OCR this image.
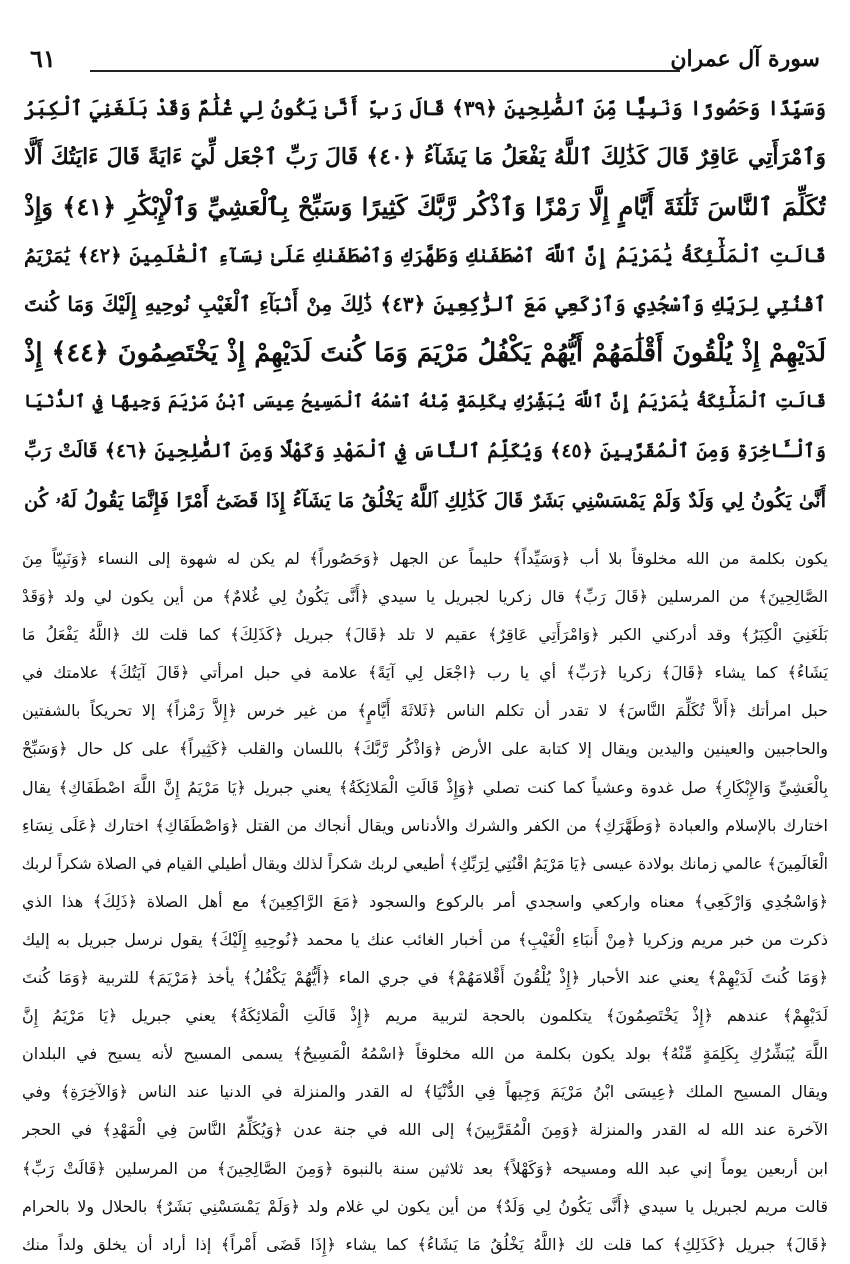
سورة آل عمران
٦١
وَسَيِّدًا وَحَصُورًا وَنَبِيًّا مِّنَ ٱلصَّٰلِحِينَ ﴿٣٩﴾ قَالَ رَبِّ أَنَّىٰ يَكُونُ لِي غُلَٰمٌ وَقَدْ بَلَغَنِيَ ٱلْكِبَرُ
وَٱمْرَأَتِي عَاقِرٌ قَالَ كَذَٰلِكَ ٱللَّهُ يَفْعَلُ مَا يَشَآءُ ﴿٤٠﴾ قَالَ رَبِّ ٱجْعَل لِّيٓ ءَايَةً قَالَ ءَايَتُكَ أَلَّا
تُكَلِّمَ ٱلنَّاسَ ثَلَٰثَةَ أَيَّامٍ إِلَّا رَمْزًا وَٱذْكُر رَّبَّكَ كَثِيرًا وَسَبِّحْ بِٱلْعَشِيِّ وَٱلْإِبْكَٰرِ ﴿٤١﴾ وَإِذْ
قَالَتِ ٱلْمَلَٰٓئِكَةُ يَٰمَرْيَمُ إِنَّ ٱللَّهَ ٱصْطَفَىٰكِ وَطَهَّرَكِ وَٱصْطَفَىٰكِ عَلَىٰ نِسَآءِ ٱلْعَٰلَمِينَ ﴿٤٢﴾ يَٰمَرْيَمُ
ٱقْنُتِي لِرَبِّكِ وَٱسْجُدِي وَٱرْكَعِي مَعَ ٱلرَّٰكِعِينَ ﴿٤٣﴾ ذَٰلِكَ مِنْ أَنۢبَآءِ ٱلْغَيْبِ نُوحِيهِ إِلَيْكَ وَمَا كُنتَ
لَدَيْهِمْ إِذْ يُلْقُونَ أَقْلَٰمَهُمْ أَيُّهُمْ يَكْفُلُ مَرْيَمَ وَمَا كُنتَ لَدَيْهِمْ إِذْ يَخْتَصِمُونَ ﴿٤٤﴾ إِذْ
قَالَتِ ٱلْمَلَٰٓئِكَةُ يَٰمَرْيَمُ إِنَّ ٱللَّهَ يُبَشِّرُكِ بِكَلِمَةٍ مِّنْهُ ٱسْمُهُ ٱلْمَسِيحُ عِيسَى ٱبْنُ مَرْيَمَ وَجِيهًا فِي ٱلدُّنْيَا
وَٱلْـَٔاخِرَةِ وَمِنَ ٱلْمُقَرَّبِينَ ﴿٤٥﴾ وَيُكَلِّمُ ٱلنَّاسَ فِي ٱلْمَهْدِ وَكَهْلًا وَمِنَ ٱلصَّٰلِحِينَ ﴿٤٦﴾ قَالَتْ رَبِّ
أَنَّىٰ يَكُونُ لِي وَلَدٌ وَلَمْ يَمْسَسْنِي بَشَرٌ قَالَ كَذَٰلِكِ ٱللَّهُ يَخْلُقُ مَا يَشَآءُ إِذَا قَضَىٰٓ أَمْرًا فَإِنَّمَا يَقُولُ لَهُۥ كُن
يكون بكلمة من الله مخلوقاً بلا أب ﴿وَسَيِّداً﴾ حليماً عن الجهل ﴿وَحَصُوراً﴾ لم يكن له شهوة إلى النساء ﴿وَنَبِيّاً مِنَ
الصَّالِحِينَ﴾ من المرسلين ﴿قَالَ رَبِّ﴾ قال زكريا لجبريل يا سيدي ﴿أَنَّى يَكُونُ لِي غُلامٌ﴾ من أين يكون لي ولد ﴿وَقَدْ
بَلَغَنِيَ الْكِبَرُ﴾ وقد أدركني الكبر ﴿وَامْرَأَتِي عَاقِرٌ﴾ عقيم لا تلد ﴿قَالَ﴾ جبريل ﴿كَذَلِكَ﴾ كما قلت لك ﴿اللَّهُ يَفْعَلُ مَا
يَشَاءُ﴾ كما يشاء ﴿قَالَ﴾ زكريا ﴿رَبِّ﴾ أي يا رب ﴿اجْعَل لِي آيَةً﴾ علامة في حبل امرأتي ﴿قَالَ آيَتُكَ﴾ علامتك في
حبل امرأتك ﴿أَلاَّ تُكَلِّمَ النَّاسَ﴾ لا تقدر أن تكلم الناس ﴿ثَلاثَةَ أَيَّامٍ﴾ من غير خرس ﴿إِلاَّ رَمْزاً﴾ إلا تحريكاً بالشفتين
والحاجبين والعينين واليدين ويقال إلا كتابة على الأرض ﴿وَاذْكُر رَّبَّكَ﴾ باللسان والقلب ﴿كَثِيراً﴾ على كل حال ﴿وَسَبِّحْ
بِالْعَشِيِّ وَالإِبْكَارِ﴾ صل غدوة وعشياً كما كنت تصلي ﴿وَإِذْ قَالَتِ الْمَلائِكَةُ﴾ يعني جبريل ﴿يَا مَرْيَمُ إِنَّ اللَّهَ اصْطَفَاكِ﴾ يقال
اختارك بالإسلام والعبادة ﴿وَطَهَّرَكِ﴾ من الكفر والشرك والأدناس ويقال أنجاك من القتل ﴿وَاصْطَفَاكِ﴾ اختارك ﴿عَلَى نِسَاءِ
الْعَالَمِينَ﴾ عالمي زمانك بولادة عيسى ﴿يَا مَرْيَمُ اقْنُتِي لِرَبِّكِ﴾ أطيعي لربك شكراً لذلك ويقال أطيلي القيام في الصلاة شكراً لربك
﴿وَاسْجُدِي وَارْكَعِي﴾ معناه واركعي واسجدي أمر بالركوع والسجود ﴿مَعَ الرَّاكِعِينَ﴾ مع أهل الصلاة ﴿ذَلِكَ﴾ هذا الذي
ذكرت من خبر مريم وزكريا ﴿مِنْ أَنبَاءِ الْغَيْبِ﴾ من أخبار الغائب عنك يا محمد ﴿نُوحِيهِ إِلَيْكَ﴾ يقول نرسل جبريل به إليك
﴿وَمَا كُنتَ لَدَيْهِمْ﴾ يعني عند الأحبار ﴿إِذْ يُلْقُونَ أَقْلامَهُمْ﴾ في جري الماء ﴿أَيُّهُمْ يَكْفُلُ﴾ يأخذ ﴿مَرْيَمَ﴾ للتربية ﴿وَمَا كُنتَ
لَدَيْهِمْ﴾ عندهم ﴿إِذْ يَخْتَصِمُونَ﴾ يتكلمون بالحجة لتربية مريم ﴿إِذْ قَالَتِ الْمَلائِكَةُ﴾ يعني جبريل ﴿يَا مَرْيَمُ إِنَّ
اللَّهَ يُبَشِّرُكِ بِكَلِمَةٍ مِّنْهُ﴾ بولد يكون بكلمة من الله مخلوقاً ﴿اسْمُهُ الْمَسِيحُ﴾ يسمى المسيح لأنه يسيح في البلدان
ويقال المسيح الملك ﴿عِيسَى ابْنُ مَرْيَمَ وَجِيهاً فِي الدُّنْيَا﴾ له القدر والمنزلة في الدنيا عند الناس ﴿وَالآخِرَةِ﴾ وفي
الآخرة عند الله له القدر والمنزلة ﴿وَمِنَ الْمُقَرَّبِينَ﴾ إلى الله في جنة عدن ﴿وَيُكَلِّمُ النَّاسَ فِي الْمَهْدِ﴾ في الحجر
ابن أربعين يوماً إني عبد الله ومسيحه ﴿وَكَهْلاً﴾ بعد ثلاثين سنة بالنبوة ﴿وَمِنَ الصَّالِحِينَ﴾ من المرسلين ﴿قَالَتْ رَبِّ﴾
قالت مريم لجبريل يا سيدي ﴿أَنَّى يَكُونُ لِي وَلَدٌ﴾ من أين يكون لي غلام ولد ﴿وَلَمْ يَمْسَسْنِي بَشَرٌ﴾ بالحلال ولا بالحرام
﴿قَالَ﴾ جبريل ﴿كَذَلِكِ﴾ كما قلت لك ﴿اللَّهُ يَخْلُقُ مَا يَشَاءُ﴾ كما يشاء ﴿إِذَا قَضَى أَمْراً﴾ إذا أراد أن يخلق ولداً منك
